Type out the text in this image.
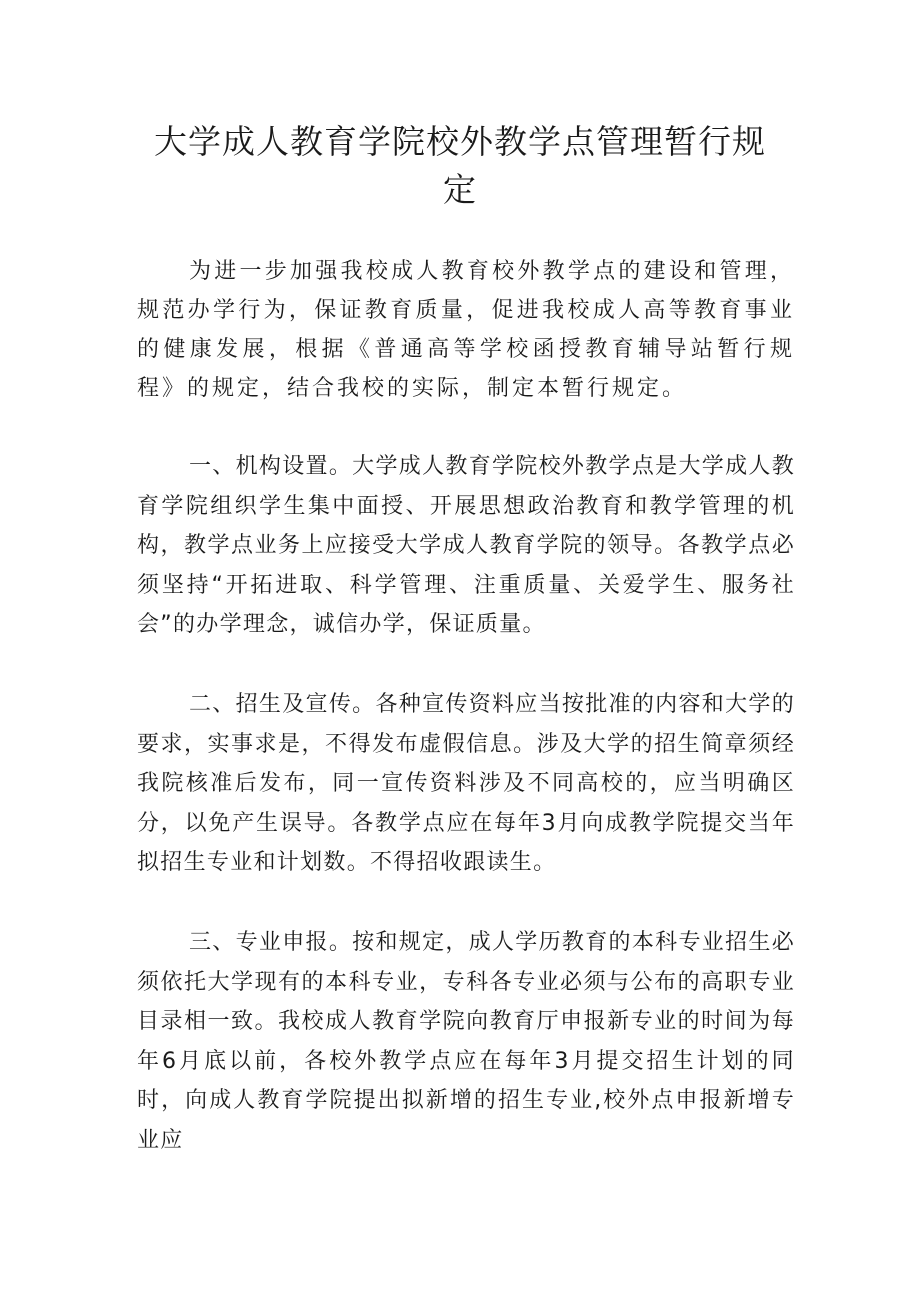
大学成人教育学院校外教学点管理暂行规定

为进一步加强我校成人教育校外教学点的建设和管理，规范办学行为，保证教育质量，促进我校成人高等教育事业的健康发展，根据《普通高等学校函授教育辅导站暂行规程》的规定，结合我校的实际，制定本暂行规定。

一、机构设置。大学成人教育学院校外教学点是大学成人教育学院组织学生集中面授、开展思想政治教育和教学管理的机构，教学点业务上应接受大学成人教育学院的领导。各教学点必须坚持“开拓进取、科学管理、注重质量、关爱学生、服务社会”的办学理念，诚信办学，保证质量。

二、招生及宣传。各种宣传资料应当按批准的内容和大学的要求，实事求是，不得发布虚假信息。涉及大学的招生简章须经我院核准后发布，同一宣传资料涉及不同高校的，应当明确区分，以免产生误导。各教学点应在每年3月向成教学院提交当年拟招生专业和计划数。不得招收跟读生。

三、专业申报。按和规定，成人学历教育的本科专业招生必须依托大学现有的本科专业，专科各专业必须与公布的高职专业目录相一致。我校成人教育学院向教育厅申报新专业的时间为每年6月底以前，各校外教学点应在每年3月提交招生计划的同时，向成人教育学院提出拟新增的招生专业,校外点申报新增专业应
